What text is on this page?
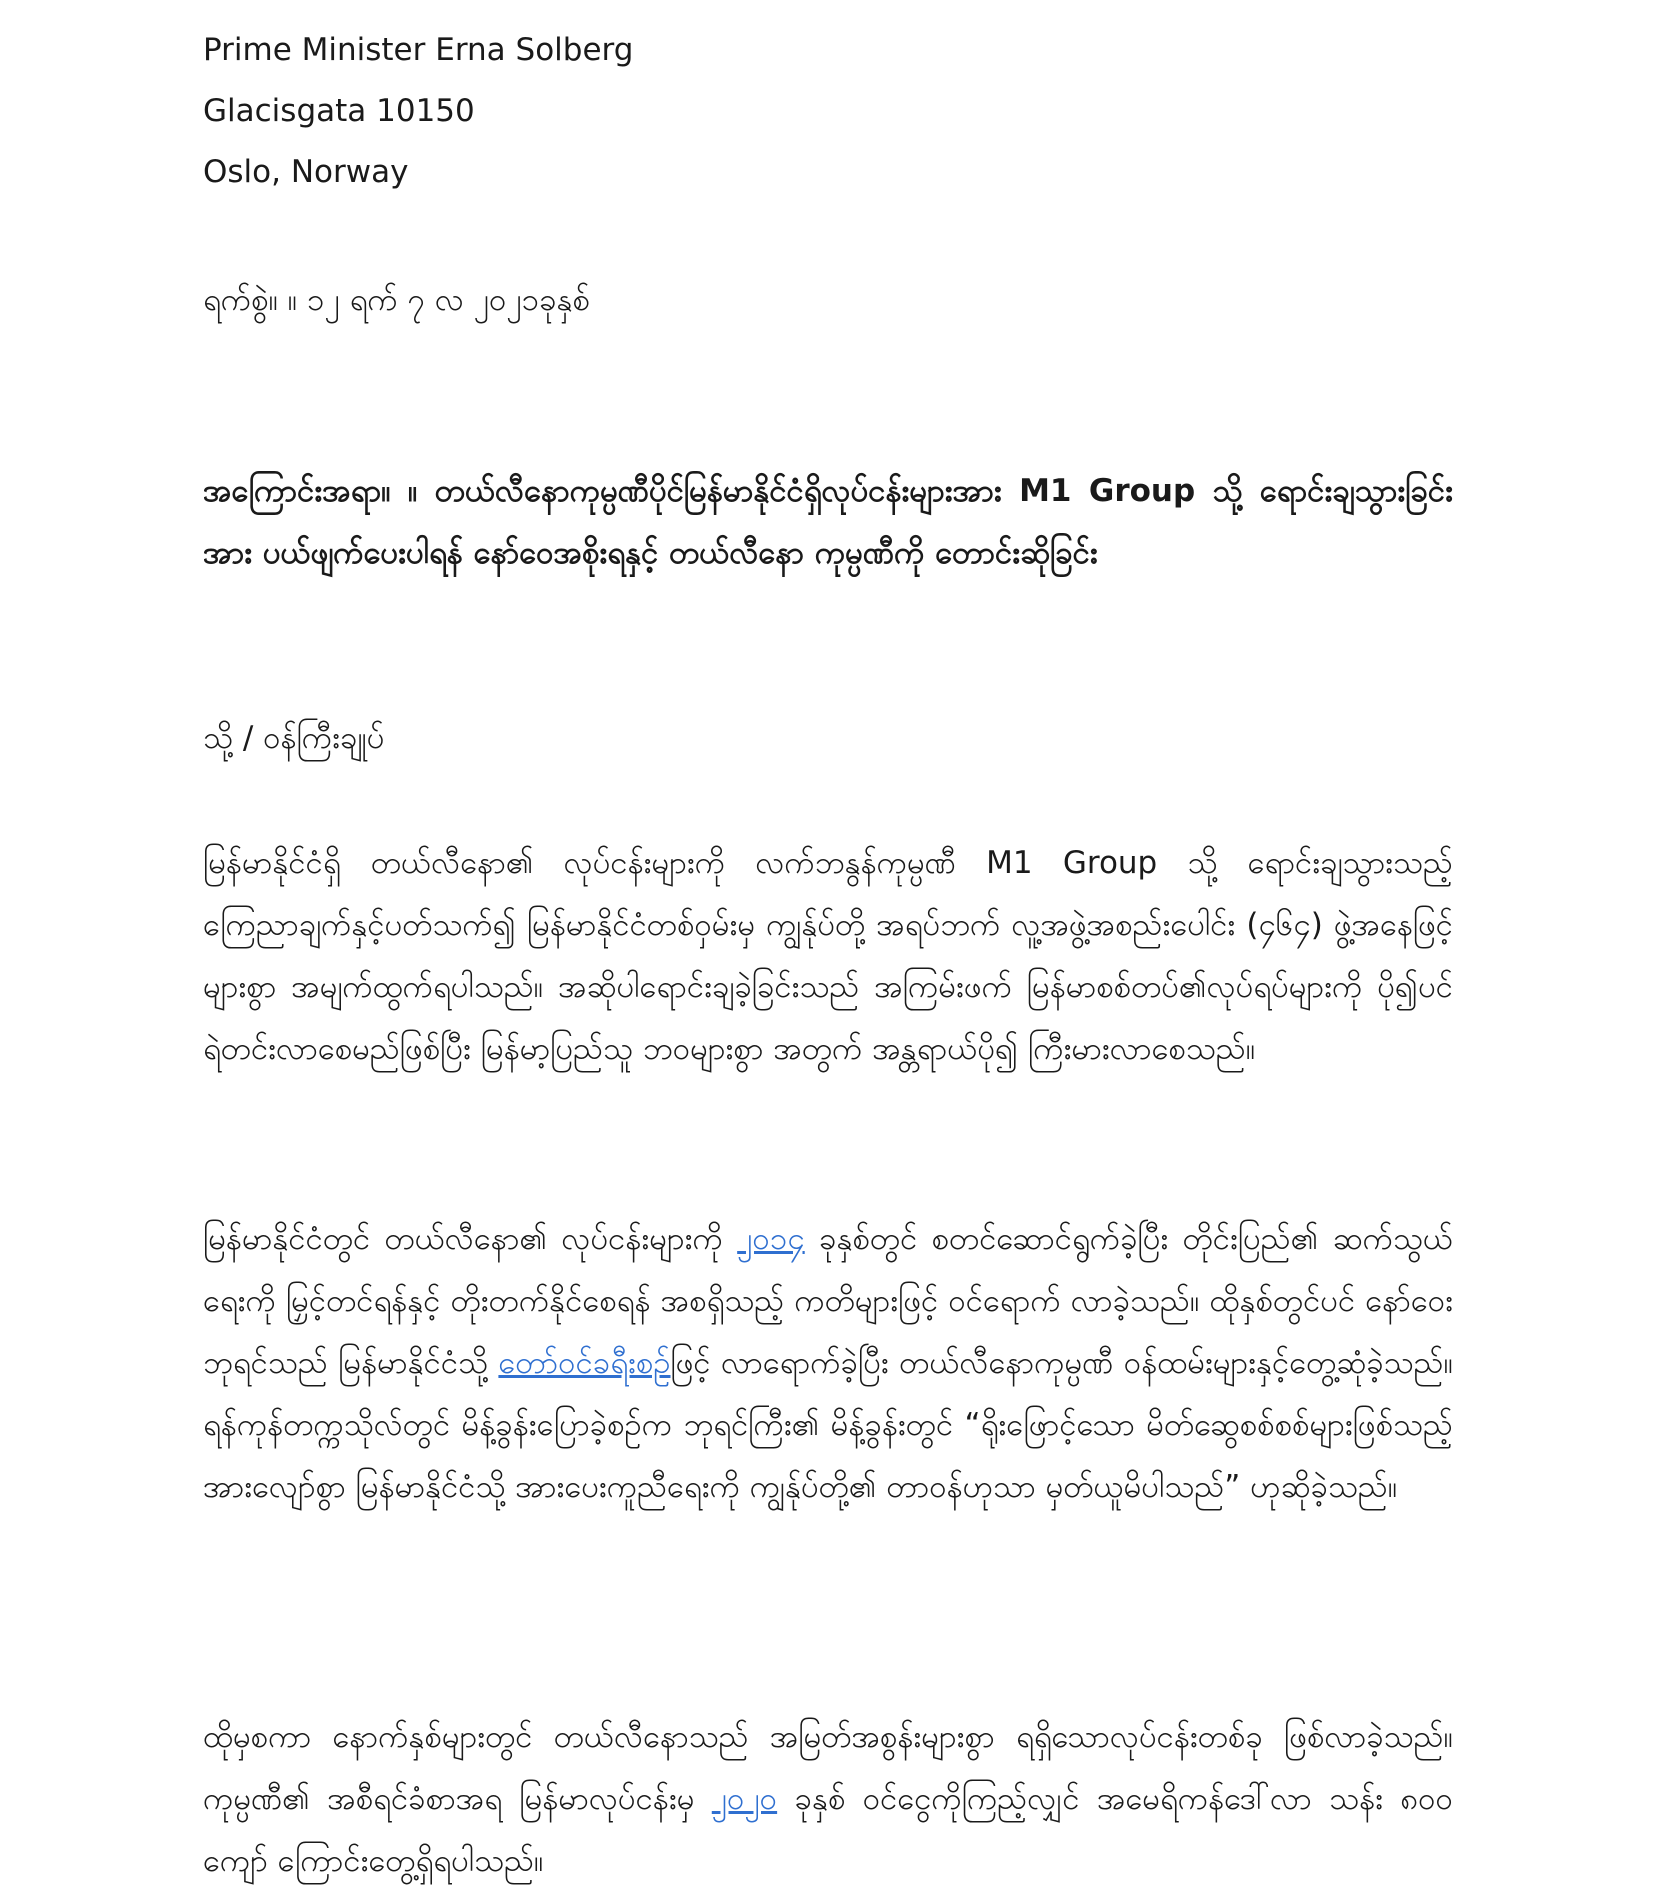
Prime Minister Erna Solberg
Glacisgata 10150
Oslo, Norway
ရက်စွဲ။ ။ ၁၂ ရက် ၇ လ ၂၀၂၁ခုနှစ်
အကြောင်းအရာ။ ။ တယ်လီနောကုမ္ပဏီပိုင်မြန်မာနိုင်ငံရှိလုပ်ငန်းများအား M1 Group သို့ ရောင်းချသွားခြင်းအား ပယ်ဖျက်ပေးပါရန် နော်ဝေအစိုးရနှင့် တယ်လီနော ကုမ္ပဏီကို တောင်းဆိုခြင်း
သို့ / ဝန်ကြီးချုပ်
မြန်မာနိုင်ငံရှိ တယ်လီနော၏ လုပ်ငန်းများကို လက်ဘနွန်ကုမ္ပဏီ M1 Group သို့ ရောင်းချသွားသည့် ကြေညာချက်နှင့်ပတ်သက်၍ မြန်မာနိုင်ငံတစ်ဝှမ်းမှ ကျွန်ုပ်တို့ အရပ်ဘက် လူ့အဖွဲ့အစည်းပေါင်း (၄၆၄) ဖွဲ့အနေဖြင့် များစွာ အမျက်ထွက်ရပါသည်။ အဆိုပါရောင်းချခဲ့ခြင်းသည် အကြမ်းဖက် မြန်မာစစ်တပ်၏လုပ်ရပ်များကို ပို၍ပင် ရဲတင်းလာစေမည်ဖြစ်ပြီး မြန်မာ့ပြည်သူ ဘဝများစွာ အတွက် အန္တရာယ်ပို၍ ကြီးမားလာစေသည်။
မြန်မာနိုင်ငံတွင် တယ်လီနော၏ လုပ်ငန်းများကို ၂၀၁၄ ခုနှစ်တွင် စတင်ဆောင်ရွက်ခဲ့ပြီး တိုင်းပြည်၏ ဆက်သွယ်ရေးကို မြှင့်တင်ရန်နှင့် တိုးတက်နိုင်စေရန် အစရှိသည့် ကတိများဖြင့် ဝင်ရောက် လာခဲ့သည်။ ထိုနှစ်တွင်ပင် နော်ဝေးဘုရင်သည် မြန်မာနိုင်ငံသို့ တော်ဝင်ခရီးစဉ်ဖြင့် လာရောက်ခဲ့ပြီး တယ်လီနောကုမ္ပဏီ ဝန်ထမ်းများနှင့်တွေ့ဆုံခဲ့သည်။ ရန်ကုန်တက္ကသိုလ်တွင် မိန့်ခွန်းပြောခဲ့စဉ်က ဘုရင်ကြီး၏ မိန့်ခွန်းတွင် “ရိုးဖြောင့်သော မိတ်ဆွေစစ်စစ်များဖြစ်သည့် အားလျော်စွာ မြန်မာနိုင်ငံသို့ အားပေးကူညီရေးကို ကျွန်ုပ်တို့၏ တာဝန်ဟုသာ မှတ်ယူမိပါသည်” ဟုဆိုခဲ့သည်။
ထိုမှစကာ နောက်နှစ်များတွင် တယ်လီနောသည် အမြတ်အစွန်းများစွာ ရရှိသောလုပ်ငန်းတစ်ခု ဖြစ်လာခဲ့သည်။ ကုမ္ပဏီ၏ အစီရင်ခံစာအရ မြန်မာလုပ်ငန်းမှ ၂၀၂၀ ခုနှစ် ဝင်ငွေကိုကြည့်လျှင် အမေရိကန်ဒေါ်လာ သန်း ၈၀၀ ကျော် ကြောင်းတွေ့ရှိရပါသည်။
